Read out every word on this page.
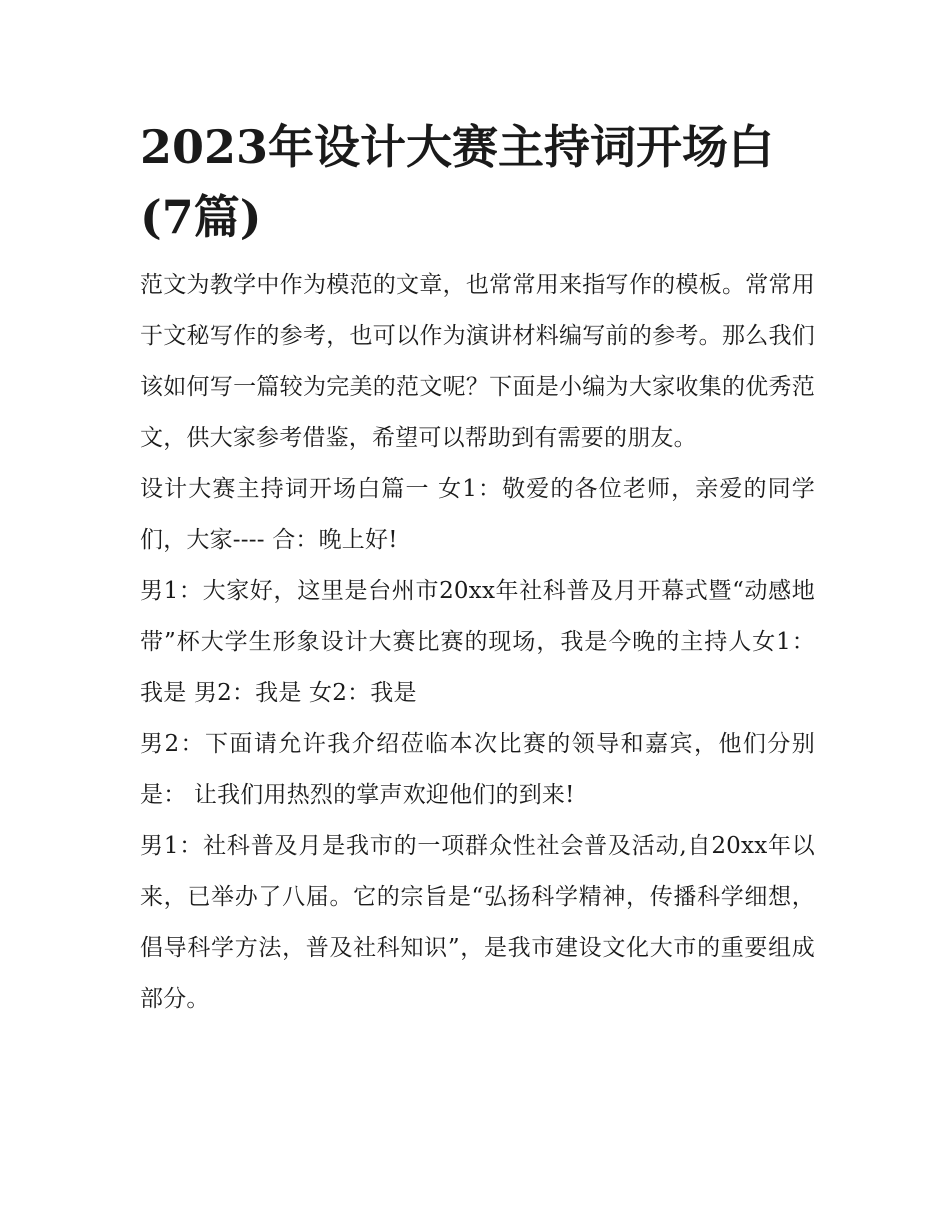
2023年设计大赛主持词开场白(7篇)

范文为教学中作为模范的文章，也常常用来指写作的模板。常常用于文秘写作的参考，也可以作为演讲材料编写前的参考。那么我们该如何写一篇较为完美的范文呢？下面是小编为大家收集的优秀范文，供大家参考借鉴，希望可以帮助到有需要的朋友。

设计大赛主持词开场白篇一 女1：敬爱的各位老师，亲爱的同学们，大家---- 合：晚上好!

男1：大家好，这里是台州市20xx年社科普及月开幕式暨“动感地带”杯大学生形象设计大赛比赛的现场，我是今晚的主持人女1：我是 男2：我是 女2：我是

男2：下面请允许我介绍莅临本次比赛的领导和嘉宾，他们分别是： 让我们用热烈的掌声欢迎他们的到来!

男1：社科普及月是我市的一项群众性社会普及活动,自20xx年以来，已举办了八届。它的宗旨是“弘扬科学精神，传播科学细想，倡导科学方法，普及社科知识”，是我市建设文化大市的重要组成部分。
